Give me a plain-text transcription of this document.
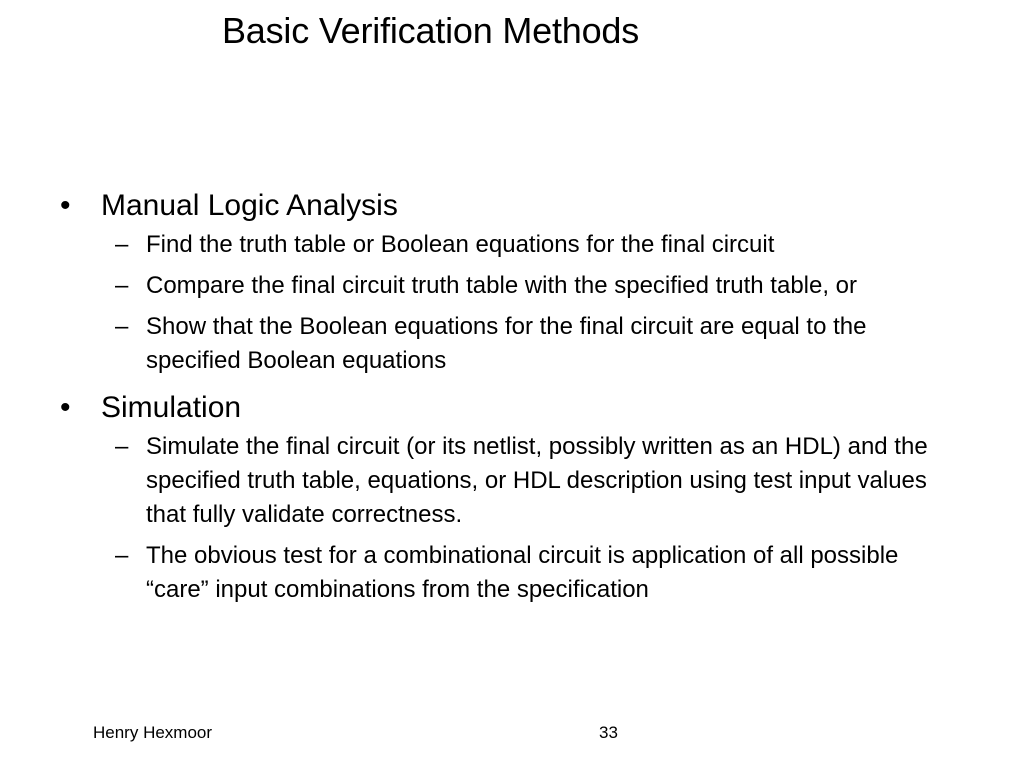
Basic Verification Methods
• Manual Logic Analysis
– Find the truth table or Boolean equations for the final circuit
– Compare the final circuit truth table with the specified truth table, or
– Show that the Boolean equations for the final circuit are equal to the specified Boolean equations
• Simulation
– Simulate the final circuit (or its netlist, possibly written as an HDL) and the specified truth table, equations, or HDL description using test input values that fully validate correctness.
– The obvious test for a combinational circuit is application of all possible “care” input combinations from the specification
Henry Hexmoor	33
